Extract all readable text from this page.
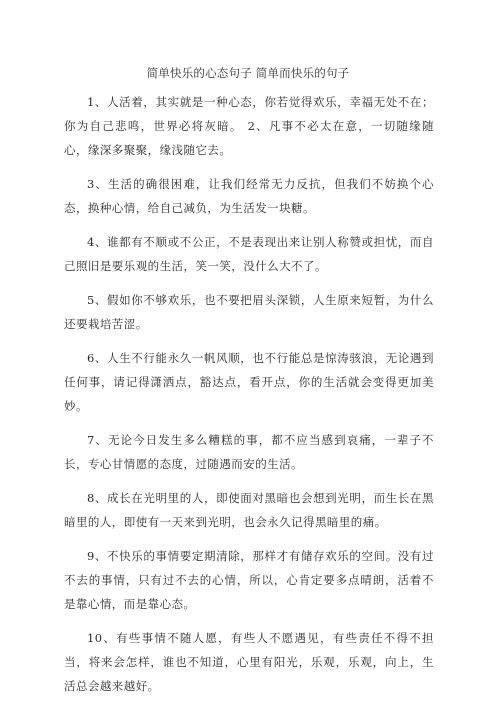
简单快乐的心态句子 简单而快乐的句子

1、人活着，其实就是一种心态，你若觉得欢乐，幸福无处不在；你为自己悲鸣，世界必将灰暗。 2、凡事不必太在意，一切随缘随心，缘深多聚聚，缘浅随它去。

3、生活的确很困难，让我们经常无力反抗，但我们不妨换个心态，换种心情，给自己减负，为生活发一块糖。

4、谁都有不顺或不公正，不是表现出来让别人称赞或担忧，而自己照旧是要乐观的生活，笑一笑，没什么大不了。

5、假如你不够欢乐，也不要把眉头深锁，人生原来短暂，为什么还要栽培苦涩。

6、人生不行能永久一帆风顺，也不行能总是惊涛骇浪，无论遇到任何事，请记得潇洒点，豁达点，看开点，你的生活就会变得更加美妙。

7、无论今日发生多么糟糕的事，都不应当感到哀痛，一辈子不长，专心甘情愿的态度，过随遇而安的生活。

8、成长在光明里的人，即使面对黑暗也会想到光明，而生长在黑暗里的人，即使有一天来到光明，也会永久记得黑暗里的痛。

9、不快乐的事情要定期清除，那样才有储存欢乐的空间。没有过不去的事情，只有过不去的心情，所以，心肯定要多点晴朗，活着不是靠心情，而是靠心态。

10、有些事情不随人愿，有些人不愿遇见，有些责任不得不担当，将来会怎样，谁也不知道，心里有阳光，乐观，乐观，向上，生活总会越来越好。
